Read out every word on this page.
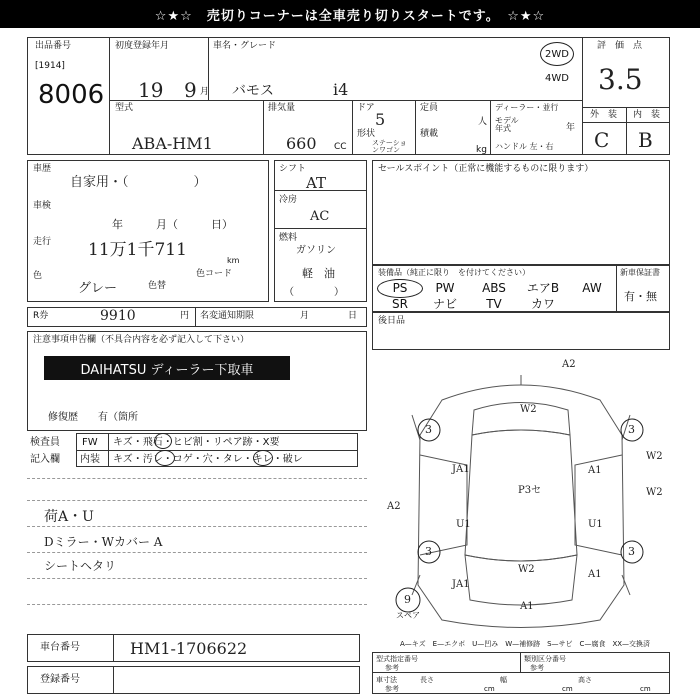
☆★☆　売切りコーナーは全車売り切りスタートです。　☆★☆
出品番号
[1914]
8006
初度登録年月
19 9 月
車名・グレード
バモス	i4
2WD
4WD
評　価　点
3.5
外　装 内　装
C B
型式
ABA-HM1
排気量
660 CC
ドア
5
形状
ステーションワゴン
定員
人
積載
kg
ディーラー・並行
モデル年式	年
ハンドル 左・右
車歴
自家用・（　　　　　）
車検
年　　　月（　　　日）
走行 11万1千711
km
色
グレー	色替
色コード
シフト
AT
冷房
AC
燃料
ガソリン
軽　油
（　　　　）
セールスポイント（正常に機能するものに限ります）
装備品（純正に限り　を付けてください）
PS	PW	ABS	エアB	AW
SR	ナビ	TV	カワ
新車保証書
有・無
R券	9910	円 名変通知期限	月	日 後日品
注意事項申告欄（不具合内容を必ず記入して下さい）
DAIHATSU ディーラー下取車
修復歴　　有（箇所
検査員
記入欄
FW キズ・飛石・ヒビ割・リペア跡・X要
内装 キズ・汚レ・コゲ・穴・タレ・キレ・破レ
荷A・U
Dミラー・Wカバー A
シートヘタリ
A2
W2
3	3
W2
JA1	A1
P3セ
A2
U1	U1
3	3
W2
JA1
A1
W2
A1
9
スペア
A—キズ　E—エクボ　U—凹み　W—補修跡　S—サビ　C—腐食　XX—交換済
車台番号	HM1-1706622
登録番号
型式指定番号
参考
類別区分番号
参考
車寸法
参考
長さ
cm
幅
cm
高さ
cm
